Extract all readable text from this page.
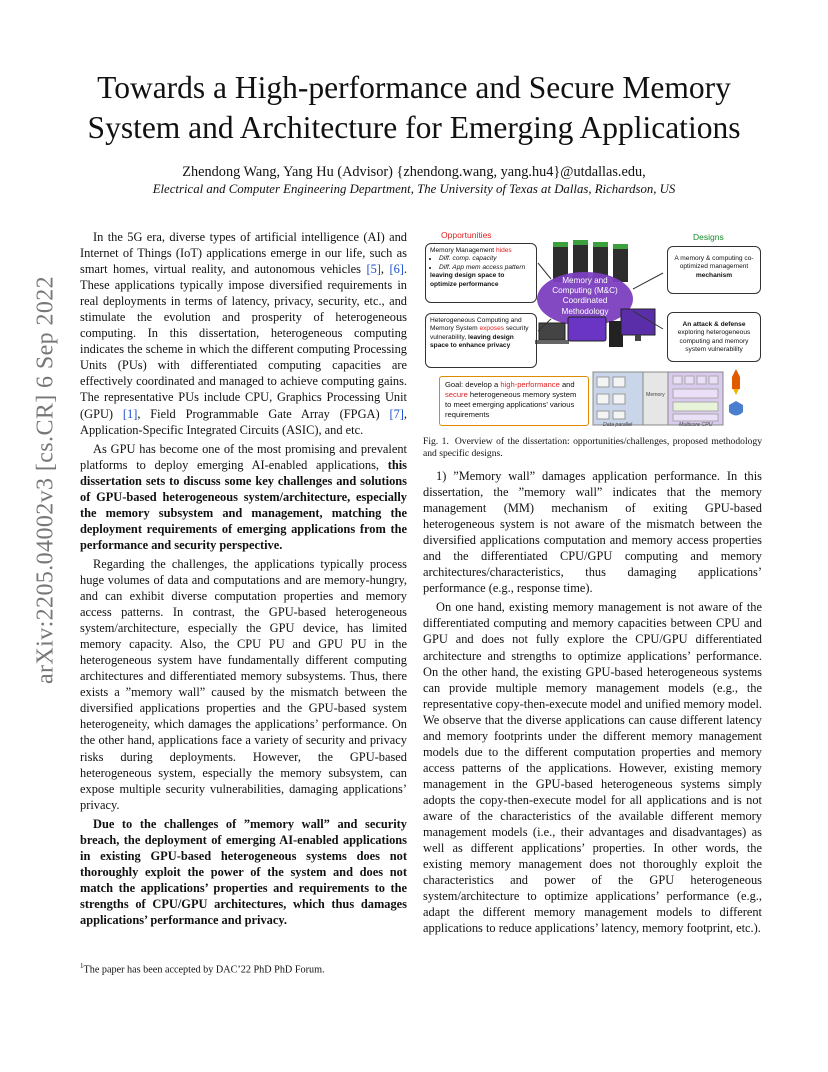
Towards a High-performance and Secure Memory
System and Architecture for Emerging Applications
Zhendong Wang, Yang Hu (Advisor) {zhendong.wang, yang.hu4}@utdallas.edu,
Electrical and Computer Engineering Department, The University of Texas at Dallas, Richardson, US
arXiv:2205.04002v3 [cs.CR] 6 Sep 2022

In the 5G era, diverse types of artificial intelligence (AI) and Internet of Things (IoT) applications emerge in our life, such as smart homes, virtual reality, and autonomous vehicles [5], [6]. These applications typically impose diversified requirements in real deployments in terms of latency, privacy, security, etc., and stimulate the evolution and prosperity of heterogeneous computing. In this dissertation, heterogeneous computing indicates the scheme in which the different computing Processing Units (PUs) with differentiated computing capacities are effectively coordinated and managed to achieve computing gains. The representative PUs include CPU, Graphics Processing Unit (GPU) [1], Field Programmable Gate Array (FPGA) [7], Application-Specific Integrated Circuits (ASIC), and etc.

As GPU has become one of the most promising and prevalent platforms to deploy emerging AI-enabled applications, this dissertation sets to discuss some key challenges and solutions of GPU-based heterogeneous system/architecture, especially the memory subsystem and management, matching the deployment requirements of emerging applications from the performance and security perspective.

Regarding the challenges, the applications typically process huge volumes of data and computations and are memory-hungry, and can exhibit diverse computation properties and memory access patterns. In contrast, the GPU-based heterogeneous system/architecture, especially the GPU device, has limited memory capacity. Also, the CPU PU and GPU PU in the heterogeneous system have fundamentally different computing architectures and differentiated memory subsystems. Thus, there exists a ”memory wall” caused by the mismatch between the diversified applications properties and the GPU-based system heterogeneity, which damages the applications’ performance. On the other hand, applications face a variety of security and privacy risks during deployments. However, the GPU-based heterogeneous system, especially the memory subsystem, can expose multiple security vulnerabilities, damaging applications’ privacy.

Due to the challenges of ”memory wall” and security breach, the deployment of emerging AI-enabled applications in existing GPU-based heterogeneous systems does not thoroughly exploit the power of the system and does not match the applications’ properties and requirements to the strengths of CPU/GPU architectures, which thus damages applications’ performance and privacy.

$^1$The paper has been accepted by DAC’22 PhD PhD Forum.
Opportunities	Designs
Memory Management hides
• Diff. comp. capacity
• Diff. App mem access pattern
leaving design space to optimize performance
Heterogeneous Computing and Memory System exposes security vulnerability, leaving design space to enhance privacy
Memory and Computing (M&C) Coordinated Methodology
A memory & computing co-optimized management mechanism
An attack & defense
exploring heterogeneous computing and memory system vulnerability
Goal: develop a high-performance and secure heterogeneous memory system to meet emerging applications’ various requirements
Memory
Data parallel	Multicore CPU
Fig. 1. Overview of the dissertation: opportunities/challenges, proposed methodology and specific designs.

1) ”Memory wall” damages application performance. In this dissertation, the ”memory wall” indicates that the memory management (MM) mechanism of exiting GPU-based heterogeneous system is not aware of the mismatch between the diversified applications computation and memory access properties and the differentiated CPU/GPU computing and memory architectures/characteristics, thus damaging applications’ performance (e.g., response time).

On one hand, existing memory management is not aware of the differentiated computing and memory capacities between CPU and GPU and does not fully explore the CPU/GPU differentiated architecture and strengths to optimize applications’ performance. On the other hand, the existing GPU-based heterogeneous systems can provide multiple memory management models (e.g., the representative copy-then-execute model and unified memory model. We observe that the diverse applications can cause different latency and memory footprints under the different memory management models due to the different computation properties and memory access patterns of the applications. However, existing memory management in the GPU-based heterogeneous systems simply adopts the copy-then-execute model for all applications and is not aware of the characteristics of the available different memory management models (i.e., their advantages and disadvantages) as well as different applications’ properties. In other words, the existing memory management does not thoroughly exploit the characteristics and power of the GPU heterogeneous system/architecture to optimize applications’ performance (e.g., adapt the different memory management models to different applications to reduce applications’ latency, memory footprint, etc.).
